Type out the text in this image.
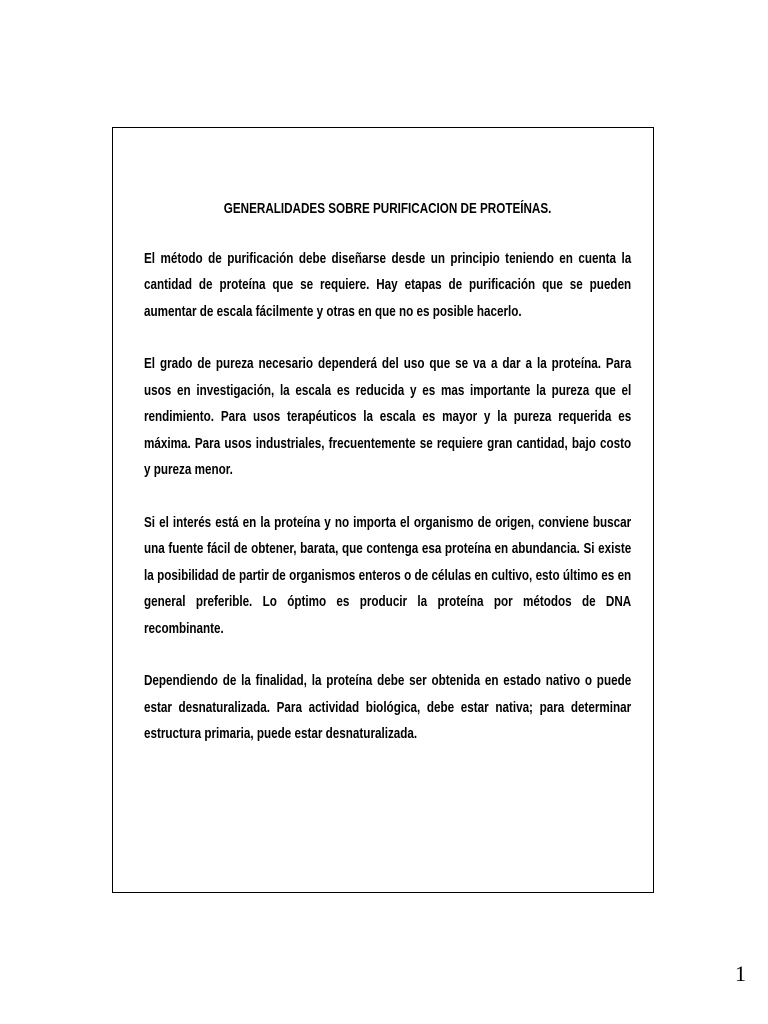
GENERALIDADES SOBRE PURIFICACION DE PROTEÍNAS.

El método de purificación debe diseñarse desde un principio teniendo en cuenta la cantidad de proteína que se requiere. Hay etapas de purificación que se pueden aumentar de escala fácilmente y otras en que no es posible hacerlo.

El grado de pureza necesario dependerá del uso que se va a dar a la proteína. Para usos en investigación, la escala es reducida y es mas importante la pureza que el rendimiento. Para usos terapéuticos la escala es mayor y la pureza requerida es máxima. Para usos industriales, frecuentemente se requiere gran cantidad, bajo costo y pureza menor.

Si el interés está en la proteína y no importa el organismo de origen, conviene buscar una fuente fácil de obtener, barata, que contenga esa proteína en abundancia. Si existe la posibilidad de partir de organismos enteros o de células en cultivo, esto último es en general preferible. Lo óptimo es producir la proteína por métodos de DNA recombinante.

Dependiendo de la finalidad, la proteína debe ser obtenida en estado nativo o puede estar desnaturalizada. Para actividad biológica, debe estar nativa; para determinar estructura primaria, puede estar desnaturalizada.

1
